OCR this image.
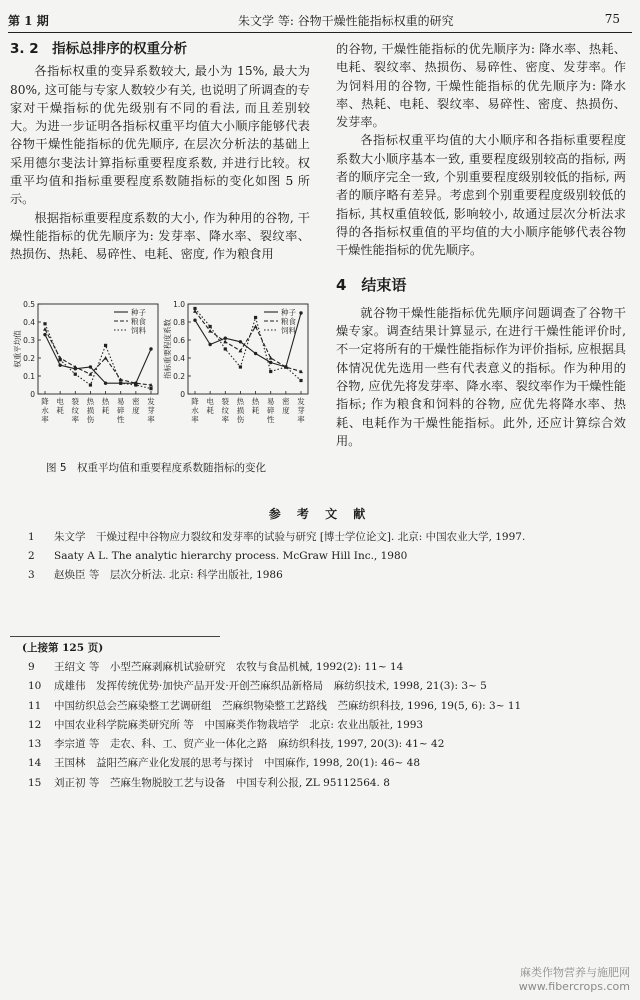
第 1 期	朱文学 等: 谷物干燥性能指标权重的研究	75
3. 2　指标总排序的权重分析

各指标权重的变异系数较大, 最小为 15%, 最大为 80%, 这可能与专家人数较少有关, 也说明了所调查的专家对干燥指标的优先级别有不同的看法, 而且差别较大。为进一步证明各指标权重平均值大小顺序能够代表谷物干燥性能指标的优先顺序, 在层次分析法的基础上采用德尔斐法计算指标重要程度系数, 并进行比较。权重平均值和指标重要程度系数随指标的变化如图 5 所示。

根据指标重要程度系数的大小, 作为种用的谷物, 干燥性能指标的优先顺序为: 发芽率、降水率、裂纹率、热损伤、热耗、易碎性、电耗、密度, 作为粮食用

0.5
0.4
0.3
0.2
0.1
0
权重平均值
降
水
率
电
耗
裂
纹
率
热
损
伤
热
耗
易
碎
性
密
度
发
芽
率
种子
粮食
饲料
1.0
0.8
0.6
0.4
0.2
0
指标重要程度系数
降
水
率
电
耗
裂
纹
率
热
损
伤
热
耗
易
碎
性
密
度
发
芽
率
种子
粮食
饲料
图 5　权重平均值和重要程度系数随指标的变化

的谷物, 干燥性能指标的优先顺序为: 降水率、热耗、电耗、裂纹率、热损伤、易碎性、密度、发芽率。作为饲料用的谷物, 干燥性能指标的优先顺序为: 降水率、热耗、电耗、裂纹率、易碎性、密度、热损伤、发芽率。

各指标权重平均值的大小顺序和各指标重要程度系数大小顺序基本一致, 重要程度级别较高的指标, 两者的顺序完全一致, 个别重要程度级别较低的指标, 两者的顺序略有差异。考虑到个别重要程度级别较低的指标, 其权重值较低, 影响较小, 故通过层次分析法求得的各指标权重值的平均值的大小顺序能够代表谷物干燥性能指标的优先顺序。

4　结束语

就谷物干燥性能指标优先顺序问题调查了谷物干燥专家。调查结果计算显示, 在进行干燥性能评价时, 不一定将所有的干燥性能指标作为评价指标, 应根据具体情况优先选用一些有代表意义的指标。作为种用的谷物, 应优先将发芽率、降水率、裂纹率作为干燥性能指标; 作为粮食和饲料的谷物, 应优先将降水率、热耗、电耗作为干燥性能指标。此外, 还应计算综合效用。

参 考 文 献
1 朱文学　干燥过程中谷物应力裂纹和发芽率的试验与研究 [博士学位论文]. 北京: 中国农业大学, 1997.
2 Saaty A L. The analytic hierarchy process. McGraw Hill Inc., 1980
3 赵焕臣 等　层次分析法. 北京: 科学出版社, 1986
(上接第 125 页)
9 王绍文 等　小型苎麻剥麻机试验研究　农牧与食品机械, 1992(2): 11~ 14
10 成雄伟　发挥传统优势·加快产品开发·开创苎麻织品新格局　麻纺织技术, 1998, 21(3): 3~ 5
11 中国纺织总会苎麻染整工艺调研组　苎麻织物染整工艺路线　苎麻纺织科技, 1996, 19(5, 6): 3~ 11
12 中国农业科学院麻类研究所 等　中国麻类作物栽培学　北京: 农业出版社, 1993
13 李宗道 等　走农、科、工、贸产业一体化之路　麻纺织科技, 1997, 20(3): 41~ 42
14 王国林　益阳苎麻产业化发展的思考与探讨　中国麻作, 1998, 20(1): 46~ 48
15 刘正初 等　苎麻生物脱胶工艺与设备　中国专利公报, ZL 95112564. 8
麻类作物营养与施肥网
www.fibercrops.com
